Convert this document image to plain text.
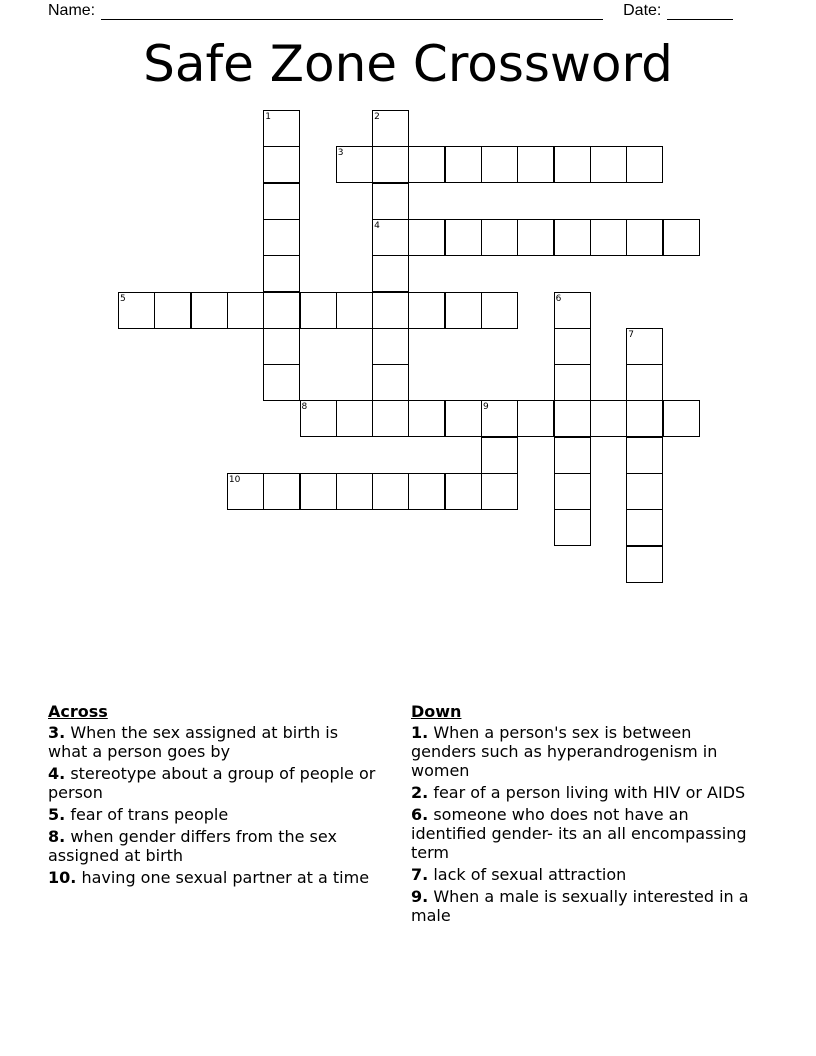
Name:	Date:
Safe Zone Crossword
1	2
3
4
5	6
7
8	9
10
Across
3. When the sex assigned at birth is what a person goes by
4. stereotype about a group of people or person
5. fear of trans people
8. when gender differs from the sex assigned at birth
10. having one sexual partner at a time
Down
1. When a person's sex is between genders such as hyperandrogenism in women
2. fear of a person living with HIV or AIDS
6. someone who does not have an identified gender- its an all encompassing term
7. lack of sexual attraction
9. When a male is sexually interested in a male
